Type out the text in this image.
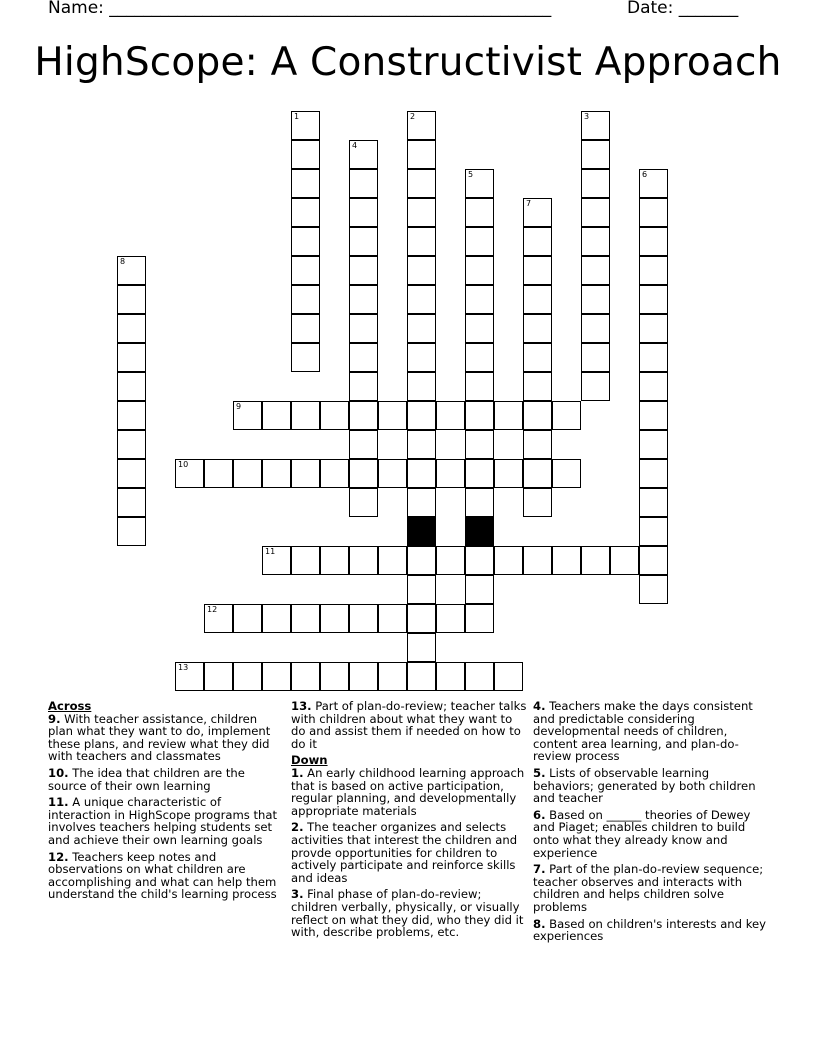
Name: ____________________________________________________	Date: _______
HighScope: A Constructivist Approach
1	2	3
4
5	6
7
8
9
10
11
12
13
Across
9. With teacher assistance, children plan what they want to do, implement these plans, and review what they did with teachers and classmates
10. The idea that children are the source of their own learning
11. A unique characteristic of interaction in HighScope programs that involves teachers helping students set and achieve their own learning goals
12. Teachers keep notes and observations on what children are accomplishing and what can help them understand the child's learning process
13. Part of plan-do-review; teacher talks with children about what they want to do and assist them if needed on how to do it
Down
1. An early childhood learning approach that is based on active participation, regular planning, and developmentally appropriate materials
2. The teacher organizes and selects activities that interest the children and provde opportunities for children to actively participate and reinforce skills and ideas
3. Final phase of plan-do-review; children verbally, physically, or visually reflect on what they did, who they did it with, describe problems, etc.
4. Teachers make the days consistent and predictable considering developmental needs of children, content area learning, and plan-do-review process
5. Lists of observable learning behaviors; generated by both children and teacher
6. Based on ______ theories of Dewey and Piaget; enables children to build onto what they already know and experience
7. Part of the plan-do-review sequence; teacher observes and interacts with children and helps children solve problems
8. Based on children's interests and key experiences
